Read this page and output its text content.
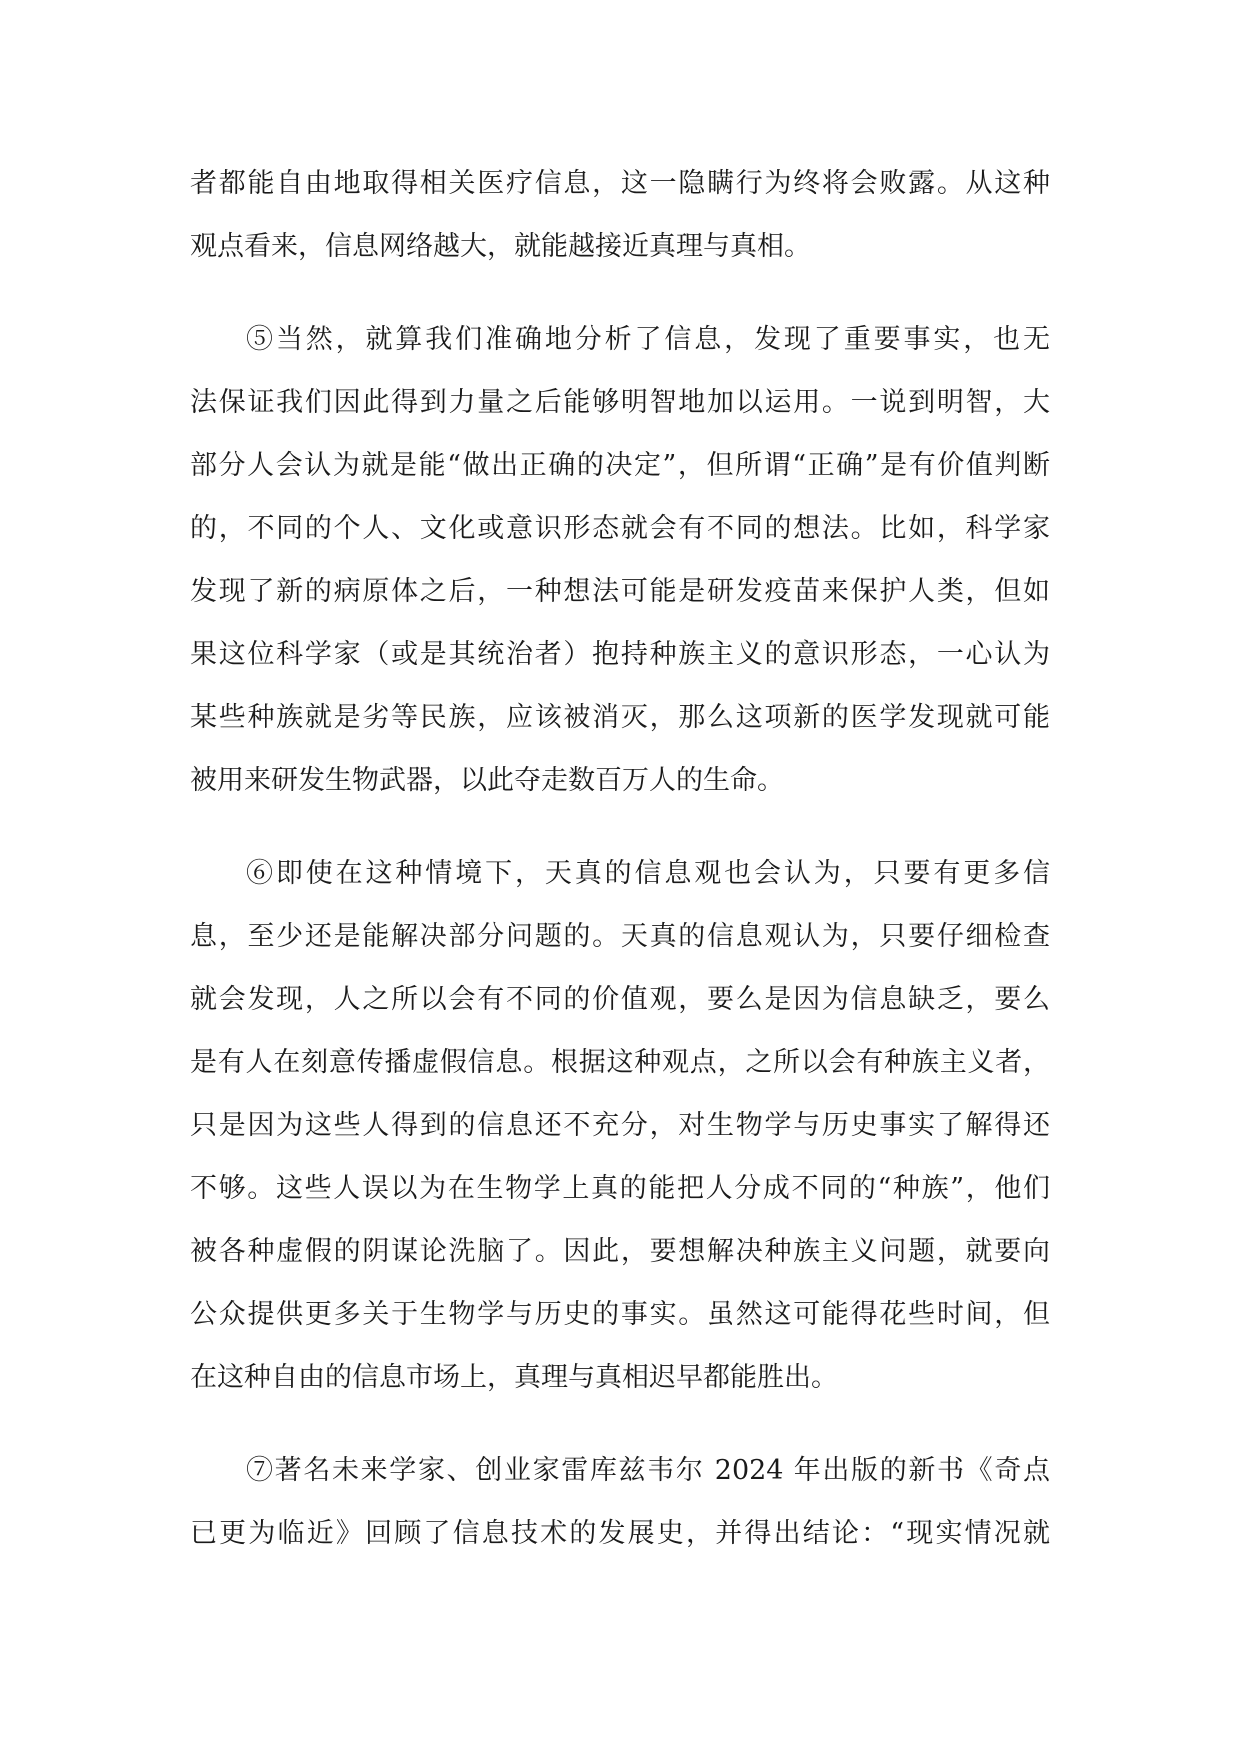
者都能自由地取得相关医疗信息，这一隐瞒行为终将会败露。从这种
观点看来，信息网络越大，就能越接近真理与真相。
⑤当然，就算我们准确地分析了信息，发现了重要事实，也无
法保证我们因此得到力量之后能够明智地加以运用。一说到明智，大
部分人会认为就是能“做出正确的决定”，但所谓“正确”是有价值判断
的，不同的个人、文化或意识形态就会有不同的想法。比如，科学家
发现了新的病原体之后，一种想法可能是研发疫苗来保护人类，但如
果这位科学家（或是其统治者）抱持种族主义的意识形态，一心认为
某些种族就是劣等民族，应该被消灭，那么这项新的医学发现就可能
被用来研发生物武器，以此夺走数百万人的生命。
⑥即使在这种情境下，天真的信息观也会认为，只要有更多信
息，至少还是能解决部分问题的。天真的信息观认为，只要仔细检查
就会发现，人之所以会有不同的价值观，要么是因为信息缺乏，要么
是有人在刻意传播虚假信息。根据这种观点，之所以会有种族主义者，
只是因为这些人得到的信息还不充分，对生物学与历史事实了解得还
不够。这些人误以为在生物学上真的能把人分成不同的“种族”，他们
被各种虚假的阴谋论洗脑了。因此，要想解决种族主义问题，就要向
公众提供更多关于生物学与历史的事实。虽然这可能得花些时间，但
在这种自由的信息市场上，真理与真相迟早都能胜出。
⑦著名未来学家、创业家雷库兹韦尔 2024 年出版的新书《奇点
已更为临近》回顾了信息技术的发展史，并得出结论：“现实情况就
